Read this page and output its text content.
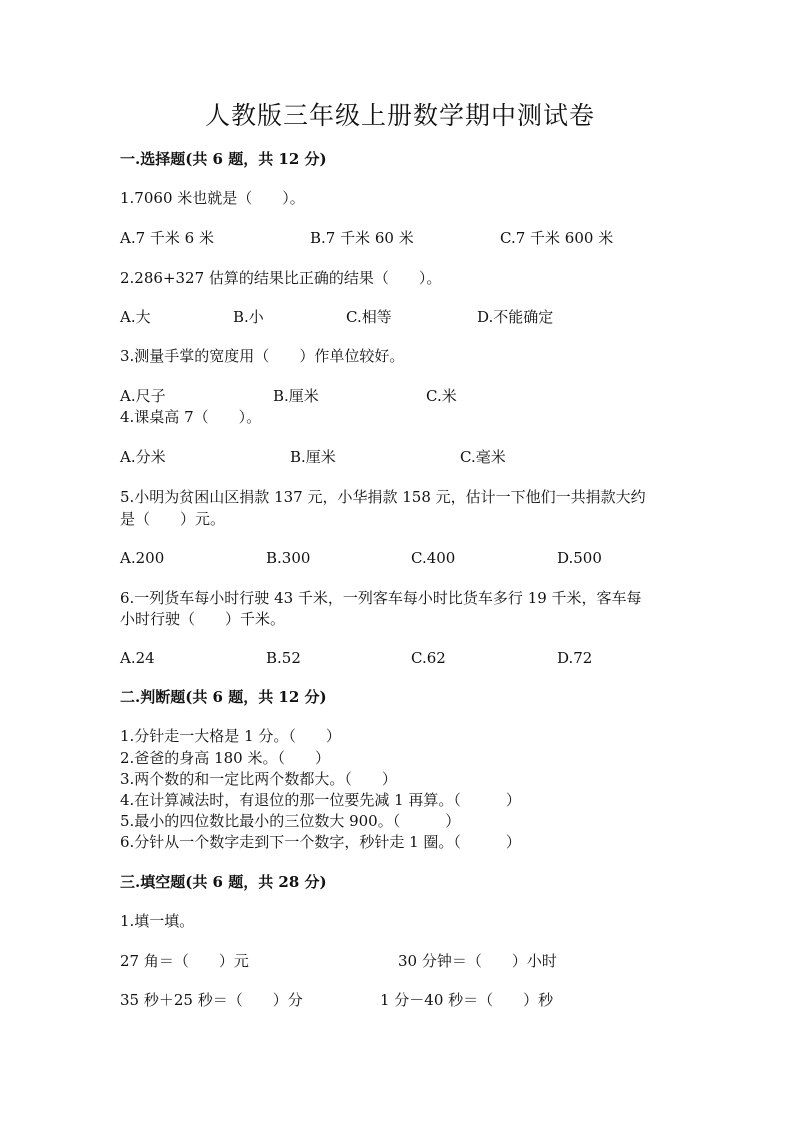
人教版三年级上册数学期中测试卷
一.选择题(共 6 题，共 12 分)
1.7060 米也就是（　　）。
A.7 千米 6 米	B.7 千米 60 米	C.7 千米 600 米
2.286+327 估算的结果比正确的结果（　　）。
A.大	B.小	C.相等	D.不能确定
3.测量手掌的宽度用（　　）作单位较好。
A.尺子	B.厘米	C.米
4.课桌高 7（　　）。
A.分米	B.厘米	C.毫米
5.小明为贫困山区捐款 137 元，小华捐款 158 元，估计一下他们一共捐款大约
是（　　）元。
A.200	B.300	C.400	D.500
6.一列货车每小时行驶 43 千米，一列客车每小时比货车多行 19 千米，客车每
小时行驶（　　）千米。
A.24	B.52	C.62	D.72
二.判断题(共 6 题，共 12 分)
1.分针走一大格是 1 分。（　　）
2.爸爸的身高 180 米。（　　）
3.两个数的和一定比两个数都大。（　　）
4.在计算减法时，有退位的那一位要先减 1 再算。（　　　）
5.最小的四位数比最小的三位数大 900。（　　　）
6.分针从一个数字走到下一个数字，秒针走 1 圈。（　　　）
三.填空题(共 6 题，共 28 分)
1.填一填。
27 角＝（　　）元	30 分钟＝（　　）小时
35 秒＋25 秒＝（　　）分	1 分－40 秒＝（　　）秒
